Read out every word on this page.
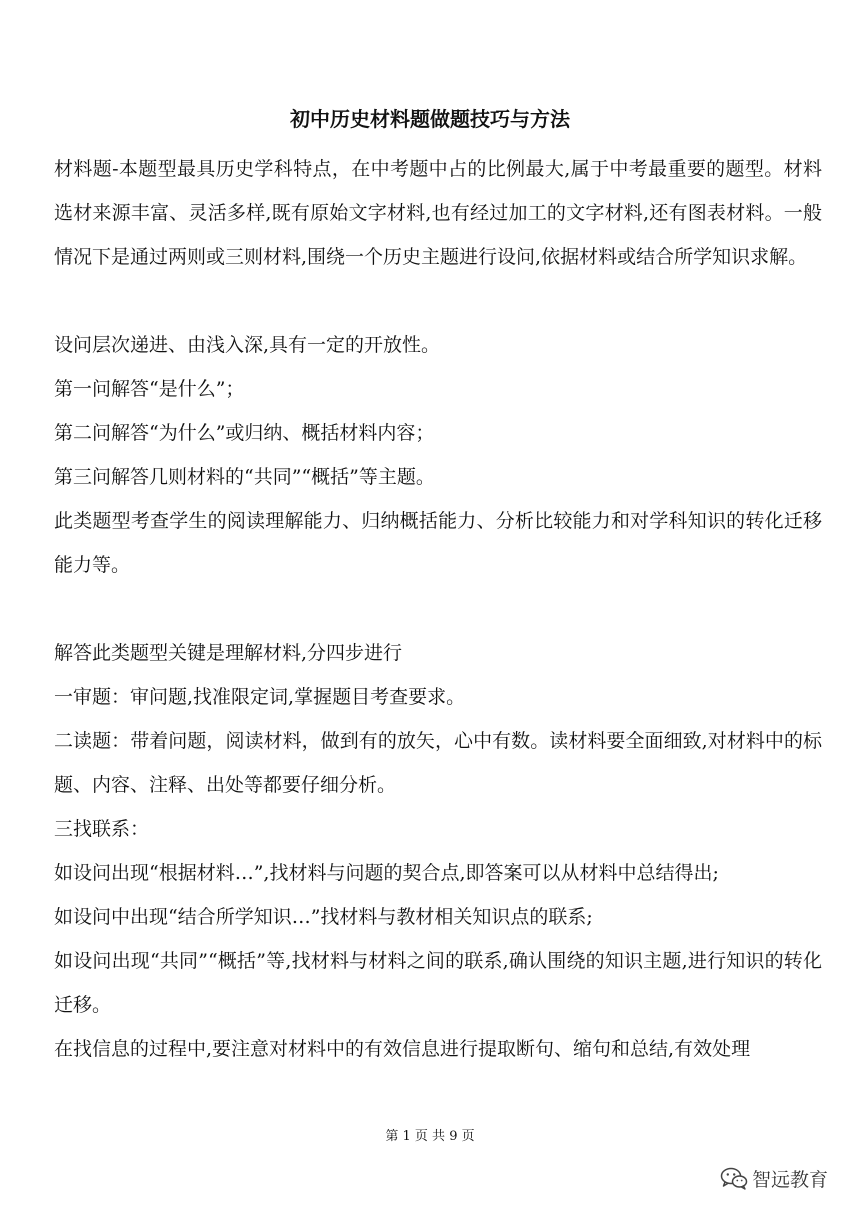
初中历史材料题做题技巧与方法

材料题-本题型最具历史学科特点，在中考题中占的比例最大,属于中考最重要的题型。材料选材来源丰富、灵活多样,既有原始文字材料,也有经过加工的文字材料,还有图表材料。一般情况下是通过两则或三则材料,围绕一个历史主题进行设问,依据材料或结合所学知识求解。

设问层次递进、由浅入深,具有一定的开放性。

第一问解答“是什么”；

第二问解答“为什么”或归纳、概括材料内容；

第三问解答几则材料的“共同”“概括”等主题。

此类题型考查学生的阅读理解能力、归纳概括能力、分析比较能力和对学科知识的转化迁移能力等。

解答此类题型关键是理解材料,分四步进行

一审题：审问题,找准限定词,掌握题目考查要求。

二读题：带着问题，阅读材料，做到有的放矢，心中有数。读材料要全面细致,对材料中的标题、内容、注释、出处等都要仔细分析。

三找联系：

如设问出现“根据材料…”,找材料与问题的契合点,即答案可以从材料中总结得出;

如设问中出现“结合所学知识…”找材料与教材相关知识点的联系;

如设问出现“共同”“概括”等,找材料与材料之间的联系,确认围绕的知识主题,进行知识的转化迁移。

在找信息的过程中,要注意对材料中的有效信息进行提取断句、缩句和总结,有效处理

第 1 页 共 9 页
智远教育
